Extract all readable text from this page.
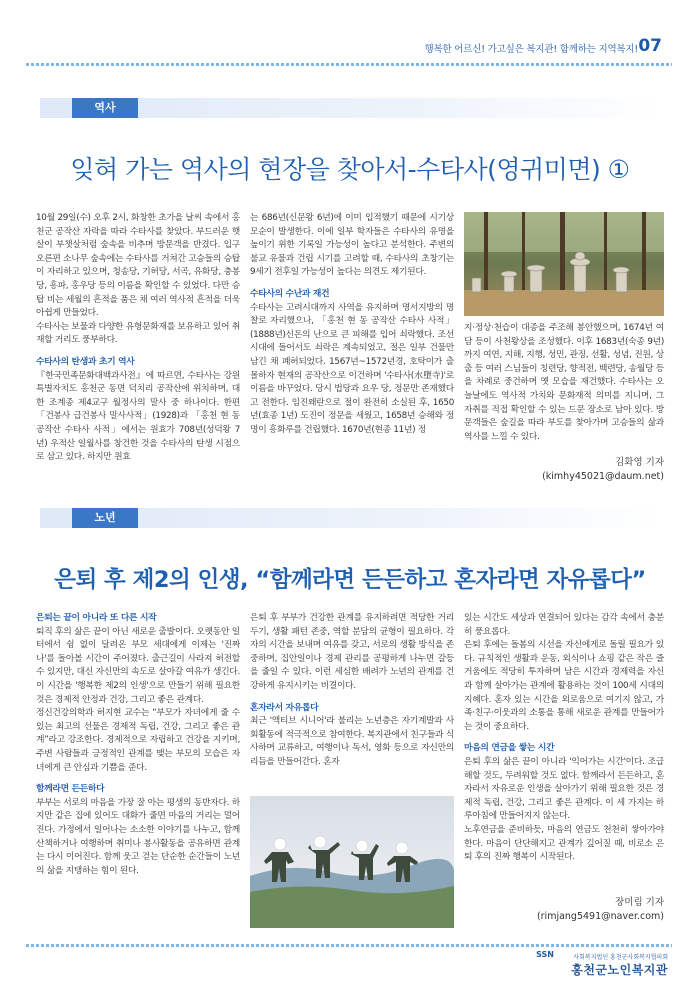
행복한 어르신! 가고싶은 복지관! 함께하는 지역복지! 07
역사
잊혀 가는 역사의 현장을 찾아서-수타사(영귀미면) ①

10월 29일(수) 오후 2시, 화창한 초가을 날씨 속에서 홍천군 공작산 자락을 따라 수타사를 찾았다. 부드러운 햇살이 부챗살처럼 숲속을 비추며 방문객을 반겼다. 입구 오른편 소나무 숲속에는 수타사를 거쳐간 고승들의 승탑이 자리하고 있으며, 청송당, 기허당, 서곡, 유화당, 충봉당, 흥파, 홍우당 등의 이름을 확인할 수 있었다. 다만 승탑 비는 세월의 흔적을 품은 채 여러 역사적 흔적을 더욱 아쉽게 만들었다.

수타사는 보물과 다양한 유형문화재를 보유하고 있어 취재할 거리도 풍부하다.

수타사의 탄생과 초기 역사

『한국민족문화대백과사전』에 따르면, 수타사는 강원특별자치도 홍천군 동면 덕치리 공작산에 위치하며, 대한 조계종 제4교구 월정사의 말사 중 하나이다. 한편 「건봉사 급건봉사 말사사적」(1928)과 「홍천 현 동 공작산 수타사 사적」에서는 원효가 708년(성덕왕 7년) 우적산 일월사를 창건한 것을 수타사의 탄생 시점으로 삼고 있다. 하지만 원효

는 686년(신문왕 6년)에 이미 입적했기 때문에 시기상 모순이 발생한다. 이에 일부 학자들은 수타사의 유명을 높이기 위한 기록일 가능성이 높다고 분석한다. 주변의 불교 유물과 건립 시기를 고려할 때, 수타사의 초창기는 9세기 전후일 가능성이 높다는 의견도 제기된다.

수타사의 수난과 재건

수타사는 고려시대까지 사역을 유지하며 명서지방의 명찰로 자리했으나, 「홍천 현 동 공작산 수타사 사적」(1888년)신돈의 난으로 큰 피해를 입어 쇠락했다. 조선시대에 들어서도 쇠락은 계속되었고, 절은 일부 건물만 남긴 채 폐허되었다. 1567년~1572년경, 호탁이가 출몰하자 현재의 공작산으로 이건하며 '수타사(水墮寺)'로 이름을 바꾸었다. 당시 법당과 요우 당, 정문만 존재했다고 전한다. 임진왜란으로 절이 완전히 소실된 후, 1650년(효종 1년) 도진이 정문을 세웠고, 1658년 승해와 정명이 흥화루를 건립했다. 1670년(현종 11년) 정

지·정상·천습이 대종을 주조해 봉안했으며, 1674년 여담 등이 사천왕상을 조성했다. 이후 1683년(숙종 9년)까지 여연, 지해, 지행, 성민, 관징, 선활, 성념, 진원, 상출 등 여러 스님들이 칭련당, 향적전, 백련당, 송월당 등을 차례로 중건하며 옛 모습을 재건했다. 수타사는 오늘날에도 역사적 가치와 문화재적 의미를 지니며, 그 자취를 직접 확인할 수 있는 드문 장소로 남아 있다. 방문객들은 숲길을 따라 부도를 찾아가며 고승들의 삶과 역사를 느낄 수 있다.

김화영 기자
(kimhy45021@daum.net)
노년
은퇴 후 제2의 인생, “함께라면 든든하고 혼자라면 자유롭다”

은퇴는 끝이 아니라 또 다른 시작

퇴직 후의 삶은 끝이 아닌 새로운 출발이다. 오랫동안 일터에서 쉼 없이 달려온 부모 세대에게 이제는 '진짜 나'를 돌아볼 시간이 주어졌다. 출근길이 사라져 허전할 수 있지만, 대신 자신만의 속도로 살아갈 여유가 생긴다. 이 시간을 '행복한 제2의 인생'으로 만들기 위해 필요한 것은 경제적 안정과 건강, 그리고 좋은 관계다.

정신건강의학과 허지현 교수는 “부모가 자녀에게 줄 수 있는 최고의 선물은 경제적 독립, 건강, 그리고 좋은 관계”라고 강조한다. 경제적으로 자립하고 건강을 지키며, 주변 사람들과 긍정적인 관계를 맺는 부모의 모습은 자녀에게 큰 안심과 기쁨을 준다.

함께라면 든든하다

부부는 서로의 마음을 가장 잘 아는 평생의 동반자다. 하지만 같은 집에 있어도 대화가 줄면 마음의 거리는 멀어진다. 가정에서 일어나는 소소한 이야기를 나누고, 함께 산책하거나 여행하며 취미나 봉사활동을 공유하면 관계는 다시 이어진다. 함께 웃고 걷는 단순한 순간들이 노년의 삶을 지탱하는 힘이 된다.

은퇴 후 부부가 건강한 관계를 유지하려면 적당한 거리 두기, 생활 패턴 존중, 역할 분담의 균형이 필요하다. 각자의 시간을 보내며 여유를 갖고, 서로의 생활 방식을 존중하며, 집안일이나 경제 관리를 공평하게 나누면 갈등을 줄일 수 있다. 이런 세심한 배려가 노년의 관계를 건강하게 유지시키는 비결이다.

혼자라서 자유롭다

최근 '액티브 시니어'라 불리는 노년층은 자기계발과 사회활동에 적극적으로 참여한다. 복지관에서 친구들과 식사하며 교류하고, 여행이나 독서, 영화 등으로 자신만의 리듬을 만들어간다. 혼자

있는 시간도 세상과 연결되어 있다는 감각 속에서 충분히 풍요롭다.

은퇴 후에는 돌봄의 시선을 자신에게로 돌릴 필요가 있다. 규칙적인 생활과 운동, 외식이나 쇼핑 같은 작은 즐거움에도 적당히 투자하며 남은 시간과 경제력을 자신과 함께 살아가는 관계에 활용하는 것이 100세 시대의 지혜다. 혼자 있는 시간을 외로움으로 여기지 않고, 가족·친구·이웃과의 소통을 통해 새로운 관계를 만들어가는 것이 중요하다.

마음의 연금을 쌓는 시간

은퇴 후의 삶은 끝이 아니라 '익어가는 시간'이다. 조급해할 것도, 두려워할 것도 없다. 함께라서 든든하고, 혼자라서 자유로운 인생을 살아가기 위해 필요한 것은 경제적 독립, 건강, 그리고 좋은 관계다. 이 세 가지는 하루아침에 만들어지지 않는다.

노후연금을 준비하듯, 마음의 연금도 천천히 쌓아가야 한다. 마음이 단단해지고 관계가 깊어질 때, 비로소 은퇴 후의 진짜 행복이 시작된다.

장미림 기자
(rimjang5491@naver.com)
SSN	사회복지법인 홍천군사회복지협의회
홍천군노인복지관
